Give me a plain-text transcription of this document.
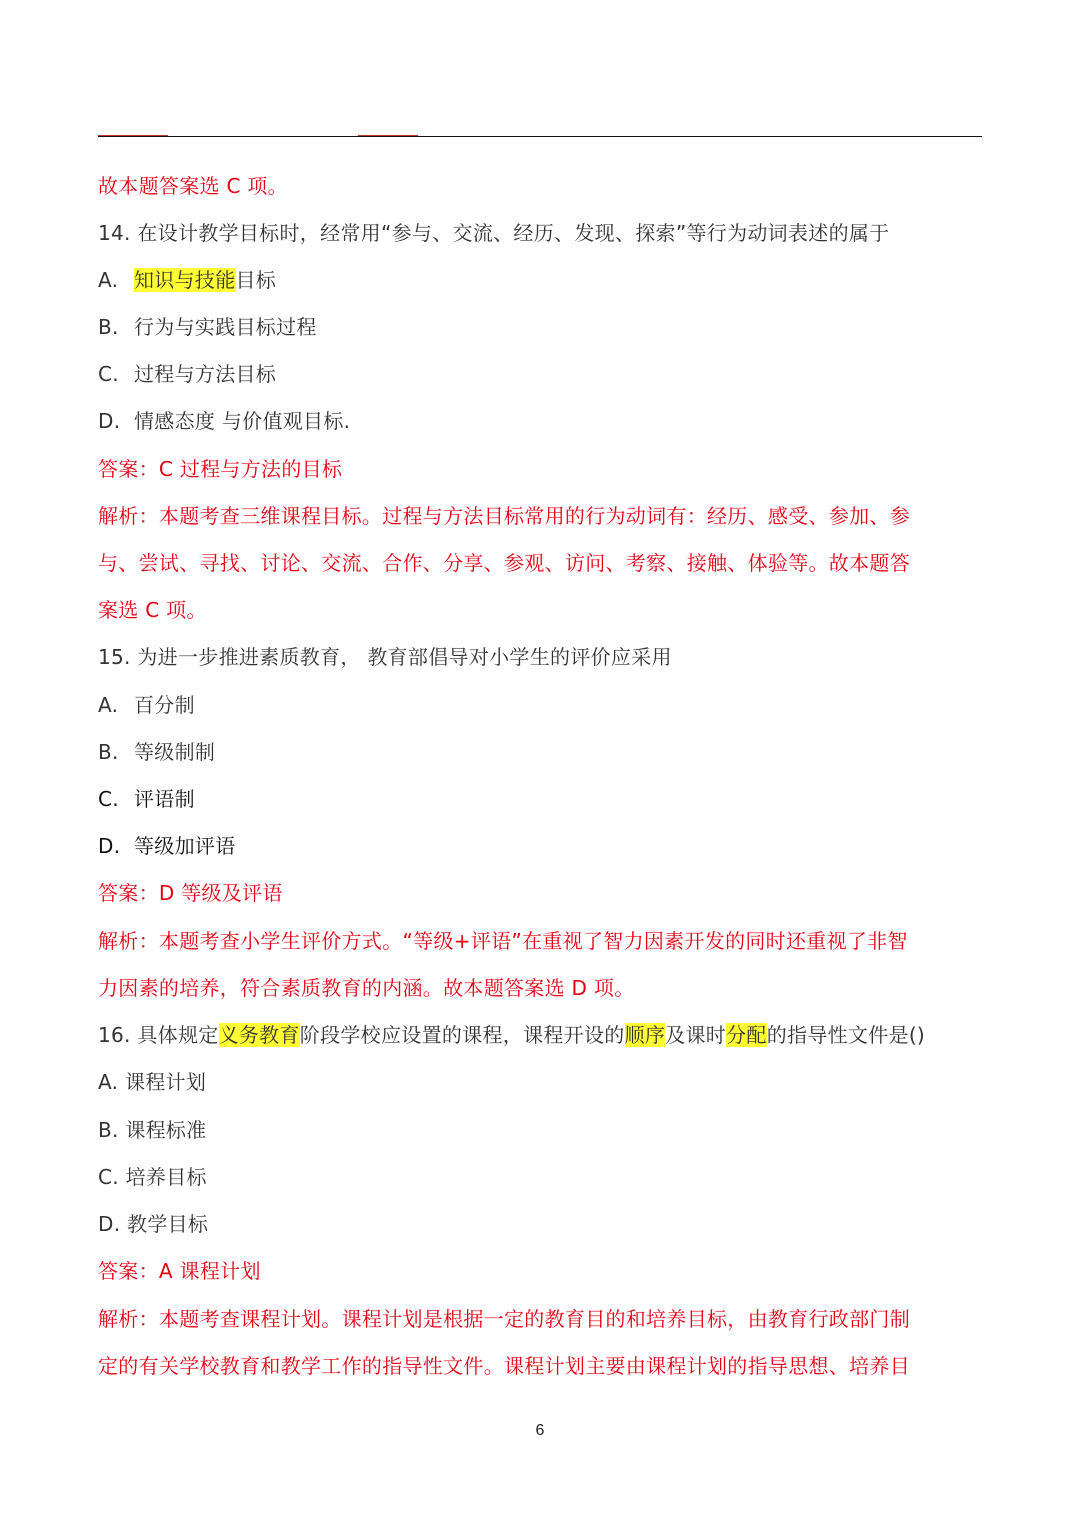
故本题答案选 C 项。
14. 在设计教学目标时，经常用“参与、交流、经历、发现、探索”等行为动词表述的属于
A. 知识与技能目标
B. 行为与实践目标过程
C. 过程与方法目标
D. 情感态度 与价值观目标.
答案：C 过程与方法的目标
解析：本题考查三维课程目标。过程与方法目标常用的行为动词有：经历、感受、参加、参
与、尝试、寻找、讨论、交流、合作、分享、参观、访问、考察、接触、体验等。故本题答
案选 C 项。
15. 为进一步推进素质教育， 教育部倡导对小学生的评价应采用
A. 百分制
B. 等级制制
C. 评语制
D. 等级加评语
答案：D 等级及评语
解析：本题考查小学生评价方式。“等级+评语”在重视了智力因素开发的同时还重视了非智
力因素的培养，符合素质教育的内涵。故本题答案选 D 项。
16. 具体规定义务教育阶段学校应设置的课程，课程开设的顺序及课时分配的指导性文件是()
A. 课程计划
B. 课程标准
C. 培养目标
D. 教学目标
答案：A 课程计划
解析：本题考查课程计划。课程计划是根据一定的教育目的和培养目标，由教育行政部门制
定的有关学校教育和教学工作的指导性文件。课程计划主要由课程计划的指导思想、培养目
6
